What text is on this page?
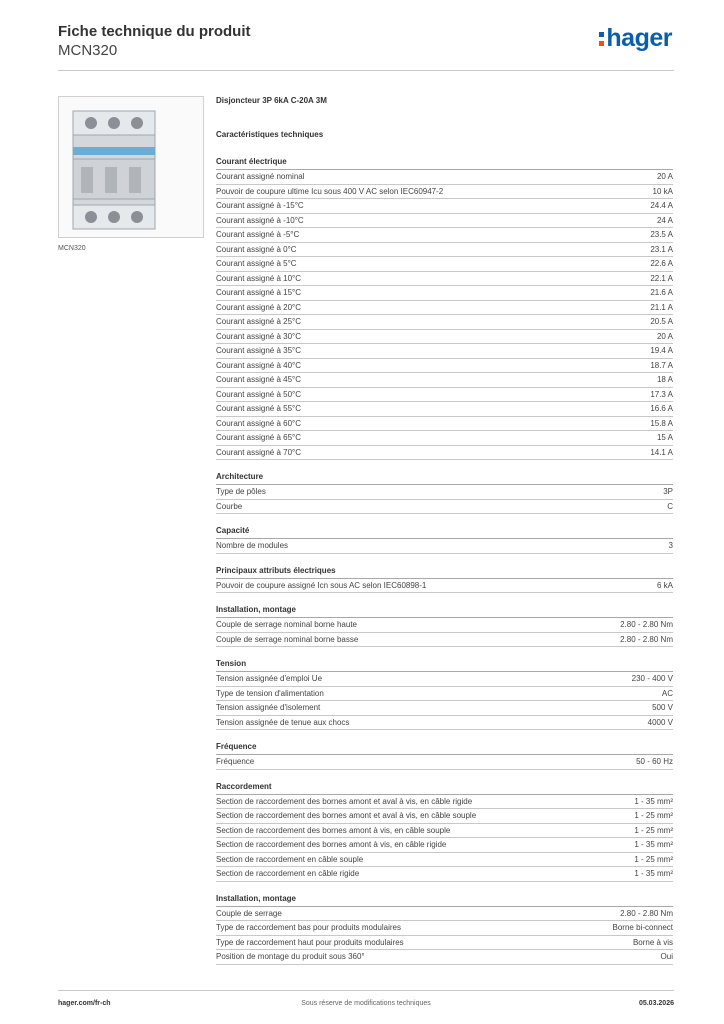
Fiche technique du produit
MCN320	hager
MCN320
Disjoncteur 3P 6kA C-20A 3M
Caractéristiques techniques
Courant électrique
Courant assigné nominal	20 A
Pouvoir de coupure ultime Icu sous 400 V AC selon IEC60947-2	10 kA
Courant assigné à -15°C	24.4 A
Courant assigné à -10°C	24 A
Courant assigné à -5°C	23.5 A
Courant assigné à 0°C	23.1 A
Courant assigné à 5°C	22.6 A
Courant assigné à 10°C	22.1 A
Courant assigné à 15°C	21.6 A
Courant assigné à 20°C	21.1 A
Courant assigné à 25°C	20.5 A
Courant assigné à 30°C	20 A
Courant assigné à 35°C	19.4 A
Courant assigné à 40°C	18.7 A
Courant assigné à 45°C	18 A
Courant assigné à 50°C	17.3 A
Courant assigné à 55°C	16.6 A
Courant assigné à 60°C	15.8 A
Courant assigné à 65°C	15 A
Courant assigné à 70°C	14.1 A
Architecture
Type de pôles	3P
Courbe	C
Capacité
Nombre de modules	3
Principaux attributs électriques
Pouvoir de coupure assigné Icn sous AC selon IEC60898-1	6 kA
Installation, montage
Couple de serrage nominal borne haute	2.80 - 2.80 Nm
Couple de serrage nominal borne basse	2.80 - 2.80 Nm
Tension
Tension assignée d'emploi Ue	230 - 400 V
Type de tension d'alimentation	AC
Tension assignée d'isolement	500 V
Tension assignée de tenue aux chocs	4000 V
Fréquence
Fréquence	50 - 60 Hz
Raccordement
Section de raccordement des bornes amont et aval à vis, en câble rigide	1 - 35 mm²
Section de raccordement des bornes amont et aval à vis, en câble souple	1 - 25 mm²
Section de raccordement des bornes amont à vis, en câble souple	1 - 25 mm²
Section de raccordement des bornes amont à vis, en câble rigide	1 - 35 mm²
Section de raccordement en câble souple	1 - 25 mm²
Section de raccordement en câble rigide	1 - 35 mm²
Installation, montage
Couple de serrage	2.80 - 2.80 Nm
Type de raccordement bas pour produits modulaires	Borne bi-connect
Type de raccordement haut pour produits modulaires	Borne à vis
Position de montage du produit sous 360°	Oui
hager.com/fr-ch	Sous réserve de modifications techniques	05.03.2026
